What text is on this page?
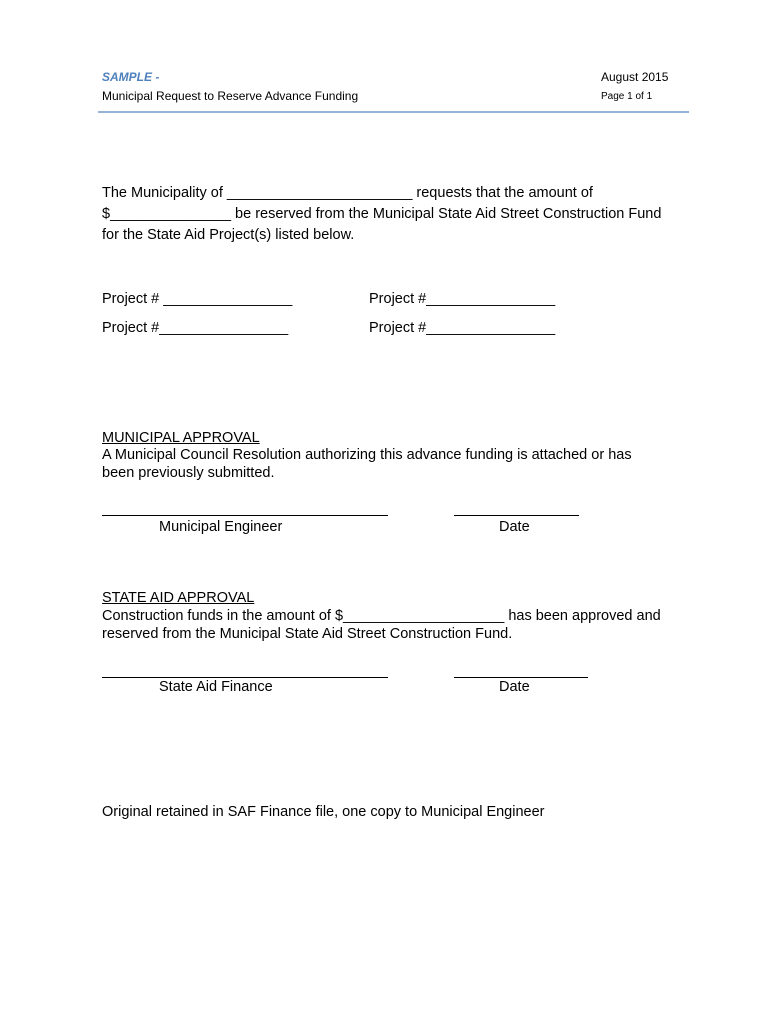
SAMPLE -
Municipal Request to Reserve Advance Funding
August 2015
Page 1 of 1
The Municipality of _______________________ requests that the amount of
$_______________ be reserved from the Municipal State Aid Street Construction Fund
for the State Aid Project(s) listed below.
Project # ________________	Project #________________
Project #________________	Project #________________
MUNICIPAL APPROVAL
A Municipal Council Resolution authorizing this advance funding is attached or has
been previously submitted.
Municipal Engineer	Date
STATE AID APPROVAL
Construction funds in the amount of $____________________ has been approved and
reserved from the Municipal State Aid Street Construction Fund.
State Aid Finance	Date
Original retained in SAF Finance file, one copy to Municipal Engineer
